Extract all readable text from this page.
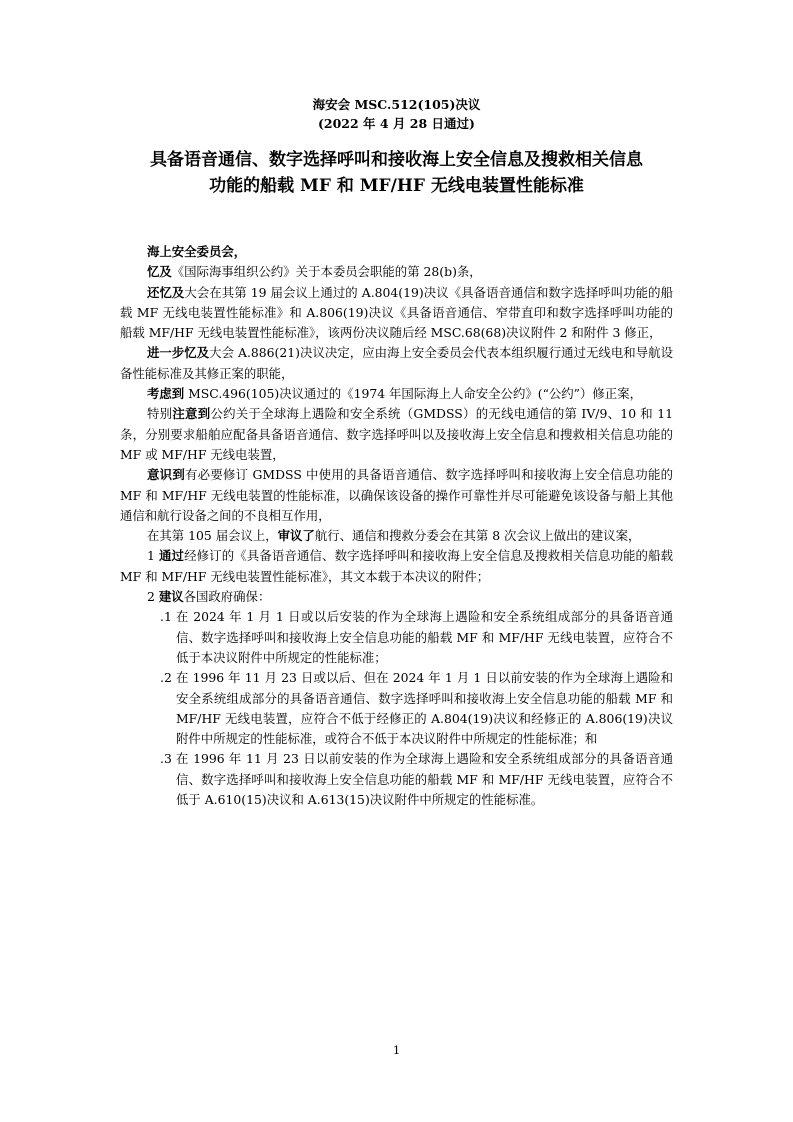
海安会 MSC.512(105)决议
(2022 年 4 月 28 日通过)
具备语音通信、数字选择呼叫和接收海上安全信息及搜救相关信息
功能的船载 MF 和 MF/HF 无线电装置性能标准

海上安全委员会，

忆及《国际海事组织公约》关于本委员会职能的第 28(b)条，

还忆及大会在其第 19 届会议上通过的 A.804(19)决议《具备语音通信和数字选择呼叫功能的船载 MF 无线电装置性能标准》和 A.806(19)决议《具备语音通信、窄带直印和数字选择呼叫功能的船载 MF/HF 无线电装置性能标准》，该两份决议随后经 MSC.68(68)决议附件 2 和附件 3 修正，

进一步忆及大会 A.886(21)决议决定，应由海上安全委员会代表本组织履行通过无线电和导航设备性能标准及其修正案的职能，

考虑到 MSC.496(105)决议通过的《1974 年国际海上人命安全公约》(“公约”）修正案，

特别注意到公约关于全球海上遇险和安全系统（GMDSS）的无线电通信的第 IV/9、10 和 11 条，分别要求船舶应配备具备语音通信、数字选择呼叫以及接收海上安全信息和搜救相关信息功能的 MF 或 MF/HF 无线电装置，

意识到有必要修订 GMDSS 中使用的具备语音通信、数字选择呼叫和接收海上安全信息功能的 MF 和 MF/HF 无线电装置的性能标准，以确保该设备的操作可靠性并尽可能避免该设备与船上其他通信和航行设备之间的不良相互作用，

在其第 105 届会议上，审议了航行、通信和搜救分委会在其第 8 次会议上做出的建议案，

1 通过经修订的《具备语音通信、数字选择呼叫和接收海上安全信息及搜救相关信息功能的船载 MF 和 MF/HF 无线电装置性能标准》，其文本载于本决议的附件；

2 建议各国政府确保：

.1 在 2024 年 1 月 1 日或以后安装的作为全球海上遇险和安全系统组成部分的具备语音通信、数字选择呼叫和接收海上安全信息功能的船载 MF 和 MF/HF 无线电装置，应符合不低于本决议附件中所规定的性能标准；

.2 在 1996 年 11 月 23 日或以后、但在 2024 年 1 月 1 日以前安装的作为全球海上遇险和安全系统组成部分的具备语音通信、数字选择呼叫和接收海上安全信息功能的船载 MF 和 MF/HF 无线电装置，应符合不低于经修正的 A.804(19)决议和经修正的 A.806(19)决议附件中所规定的性能标准，或符合不低于本决议附件中所规定的性能标准；和

.3 在 1996 年 11 月 23 日以前安装的作为全球海上遇险和安全系统组成部分的具备语音通信、数字选择呼叫和接收海上安全信息功能的船载 MF 和 MF/HF 无线电装置，应符合不低于 A.610(15)决议和 A.613(15)决议附件中所规定的性能标准。

1
